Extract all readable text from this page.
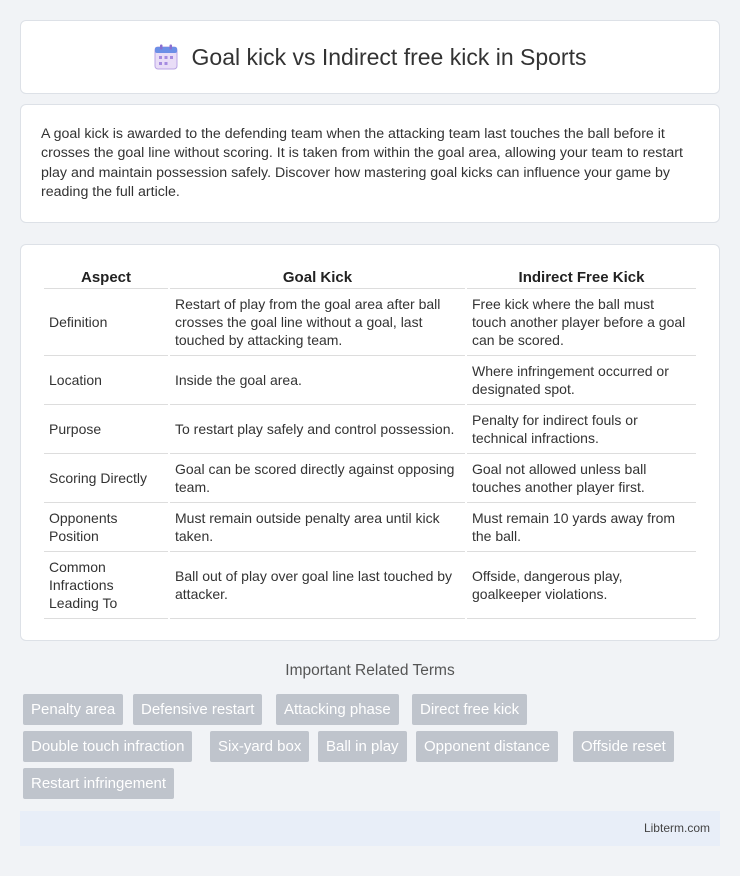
Goal kick vs Indirect free kick in Sports

A goal kick is awarded to the defending team when the attacking team last touches the ball before it crosses the goal line without scoring. It is taken from within the goal area, allowing your team to restart play and maintain possession safely. Discover how mastering goal kicks can influence your game by reading the full article.

Aspect	Goal Kick	Indirect Free Kick
Definition	Restart of play from the goal area after ball crosses the goal line without a goal, last touched by attacking team.	Free kick where the ball must touch another player before a goal can be scored.
Location	Inside the goal area.	Where infringement occurred or designated spot.
Purpose	To restart play safely and control possession.	Penalty for indirect fouls or technical infractions.
Scoring Directly	Goal can be scored directly against opposing team.	Goal not allowed unless ball touches another player first.
Opponents Position	Must remain outside penalty area until kick taken.	Must remain 10 yards away from the ball.
Common Infractions Leading To	Ball out of play over goal line last touched by attacker.	Offside, dangerous play, goalkeeper violations.
Important Related Terms
Penalty area	Defensive restart	Attacking phase	Direct free kick
Double touch infraction	Six-yard box	Ball in play	Opponent distance	Offside reset
Restart infringement
Libterm.com
